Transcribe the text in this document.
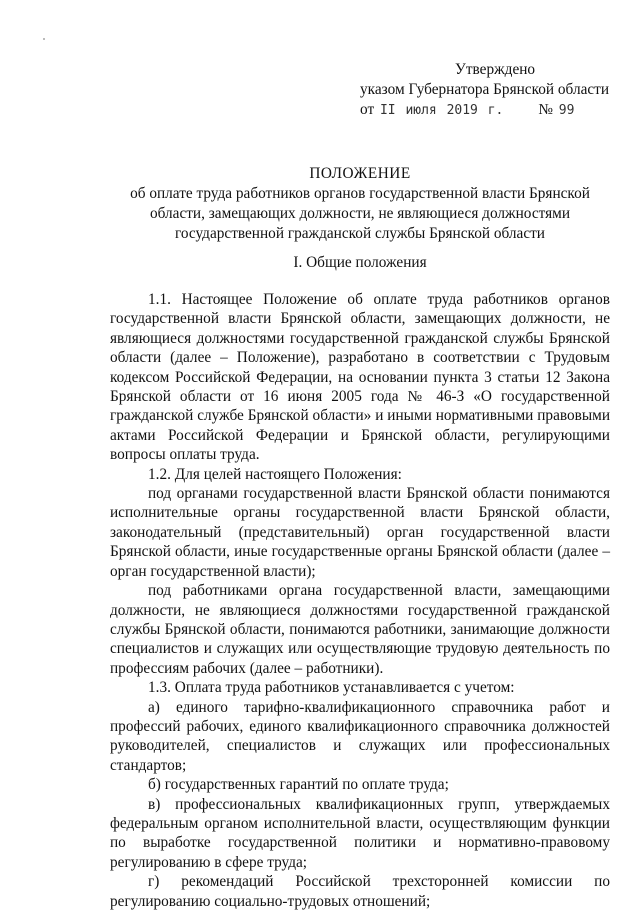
Утверждено
указом Губернатора Брянской области
от II июля 2019 г. № 99
ПОЛОЖЕНИЕ
об оплате труда работников органов государственной власти Брянской области, замещающих должности, не являющиеся должностями государственной гражданской службы Брянской области
I. Общие положения

1.1. Настоящее Положение об оплате труда работников органов государственной власти Брянской области, замещающих должности, не являющиеся должностями государственной гражданской службы Брянской области (далее – Положение), разработано в соответствии с Трудовым кодексом Российской Федерации, на основании пункта 3 статьи 12 Закона Брянской области от 16 июня 2005 года № 46-З «О государственной гражданской службе Брянской области» и иными нормативными правовыми актами Российской Федерации и Брянской области, регулирующими вопросы оплаты труда.

1.2. Для целей настоящего Положения:

под органами государственной власти Брянской области понимаются исполнительные органы государственной власти Брянской области, законодательный (представительный) орган государственной власти Брянской области, иные государственные органы Брянской области (далее – орган государственной власти);

под работниками органа государственной власти, замещающими должности, не являющиеся должностями государственной гражданской службы Брянской области, понимаются работники, занимающие должности специалистов и служащих или осуществляющие трудовую деятельность по профессиям рабочих (далее – работники).

1.3. Оплата труда работников устанавливается с учетом:

а) единого тарифно-квалификационного справочника работ и профессий рабочих, единого квалификационного справочника должностей руководителей, специалистов и служащих или профессиональных стандартов;

б) государственных гарантий по оплате труда;

в) профессиональных квалификационных групп, утверждаемых федеральным органом исполнительной власти, осуществляющим функции по выработке государственной политики и нормативно-правовому регулированию в сфере труда;

г) рекомендаций Российской трехсторонней комиссии по регулированию социально-трудовых отношений;
